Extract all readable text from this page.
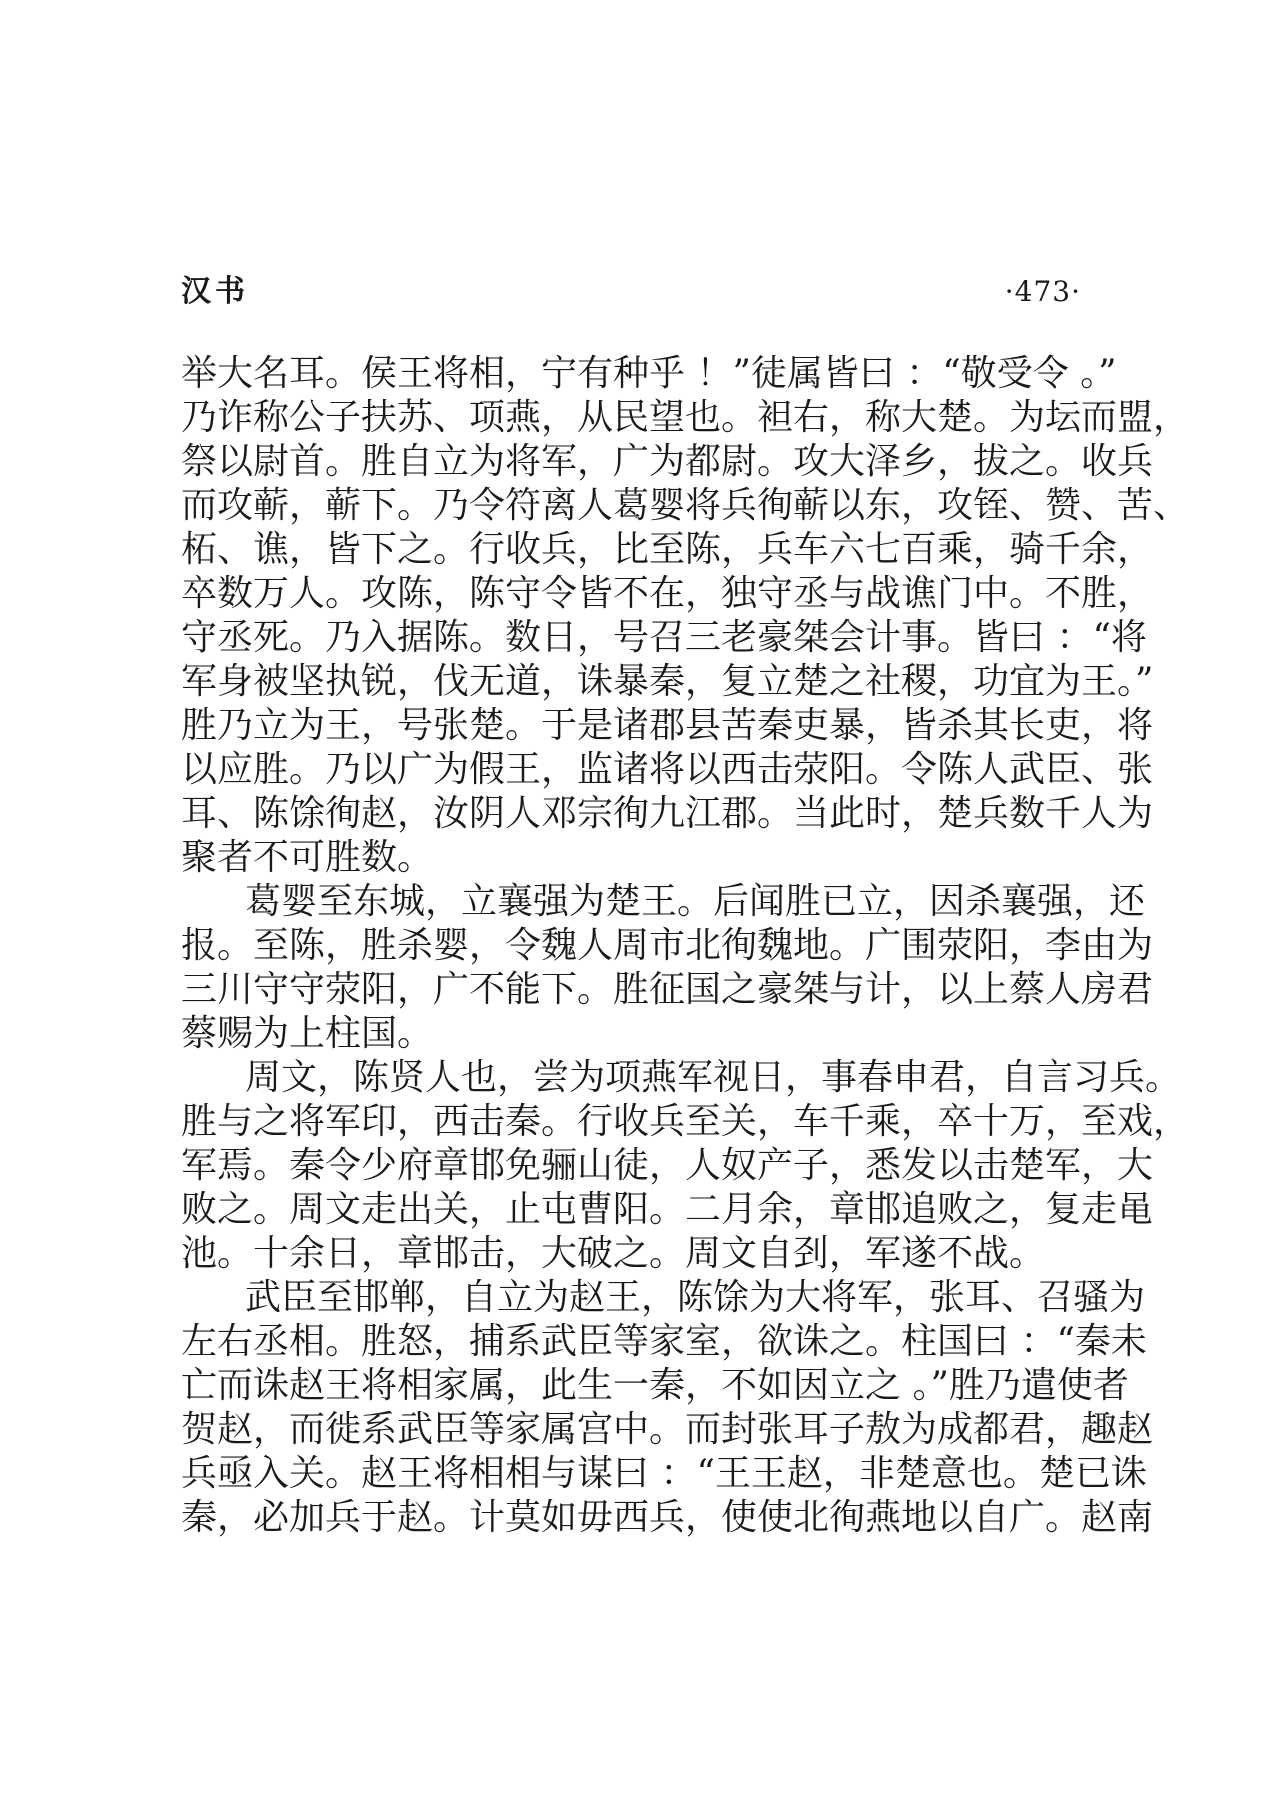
汉书	·473·
举大名耳。侯王将相，宁有种乎 ！”徒属皆曰 ：“敬受令 。”
乃诈称公子扶苏、项燕，从民望也。袒右，称大楚。为坛而盟，
祭以尉首。胜自立为将军，广为都尉。攻大泽乡，拔之。收兵
而攻蕲，蕲下。乃令符离人葛婴将兵徇蕲以东，攻铚、赞、苦、
柘、谯，皆下之。行收兵，比至陈，兵车六七百乘，骑千余，
卒数万人。攻陈，陈守令皆不在，独守丞与战谯门中。不胜，
守丞死。乃入据陈。数日，号召三老豪桀会计事。皆曰 ：“将
军身被坚执锐，伐无道，诛暴秦，复立楚之社稷，功宜为王。”
胜乃立为王，号张楚。于是诸郡县苦秦吏暴，皆杀其长吏，将
以应胜。乃以广为假王，监诸将以西击荥阳。令陈人武臣、张
耳、陈馀徇赵，汝阴人邓宗徇九江郡。当此时，楚兵数千人为
聚者不可胜数。
葛婴至东城，立襄强为楚王。后闻胜已立，因杀襄强，还
报。至陈，胜杀婴，令魏人周市北徇魏地。广围荥阳，李由为
三川守守荥阳，广不能下。胜征国之豪桀与计，以上蔡人房君
蔡赐为上柱国。
周文，陈贤人也，尝为项燕军视日，事春申君，自言习兵。
胜与之将军印，西击秦。行收兵至关，车千乘，卒十万，至戏，
军焉。秦令少府章邯免骊山徒，人奴产子，悉发以击楚军，大
败之。周文走出关，止屯曹阳。二月余，章邯追败之，复走黾
池。十余日，章邯击，大破之。周文自刭，军遂不战。
武臣至邯郸，自立为赵王，陈馀为大将军，张耳、召骚为
左右丞相。胜怒，捕系武臣等家室，欲诛之。柱国曰 ：“秦未
亡而诛赵王将相家属，此生一秦，不如因立之 。”胜乃遣使者
贺赵，而徙系武臣等家属宫中。而封张耳子敖为成都君，趣赵
兵亟入关。赵王将相相与谋曰 ：“王王赵，非楚意也。楚已诛
秦，必加兵于赵。计莫如毋西兵，使使北徇燕地以自广。赵南
